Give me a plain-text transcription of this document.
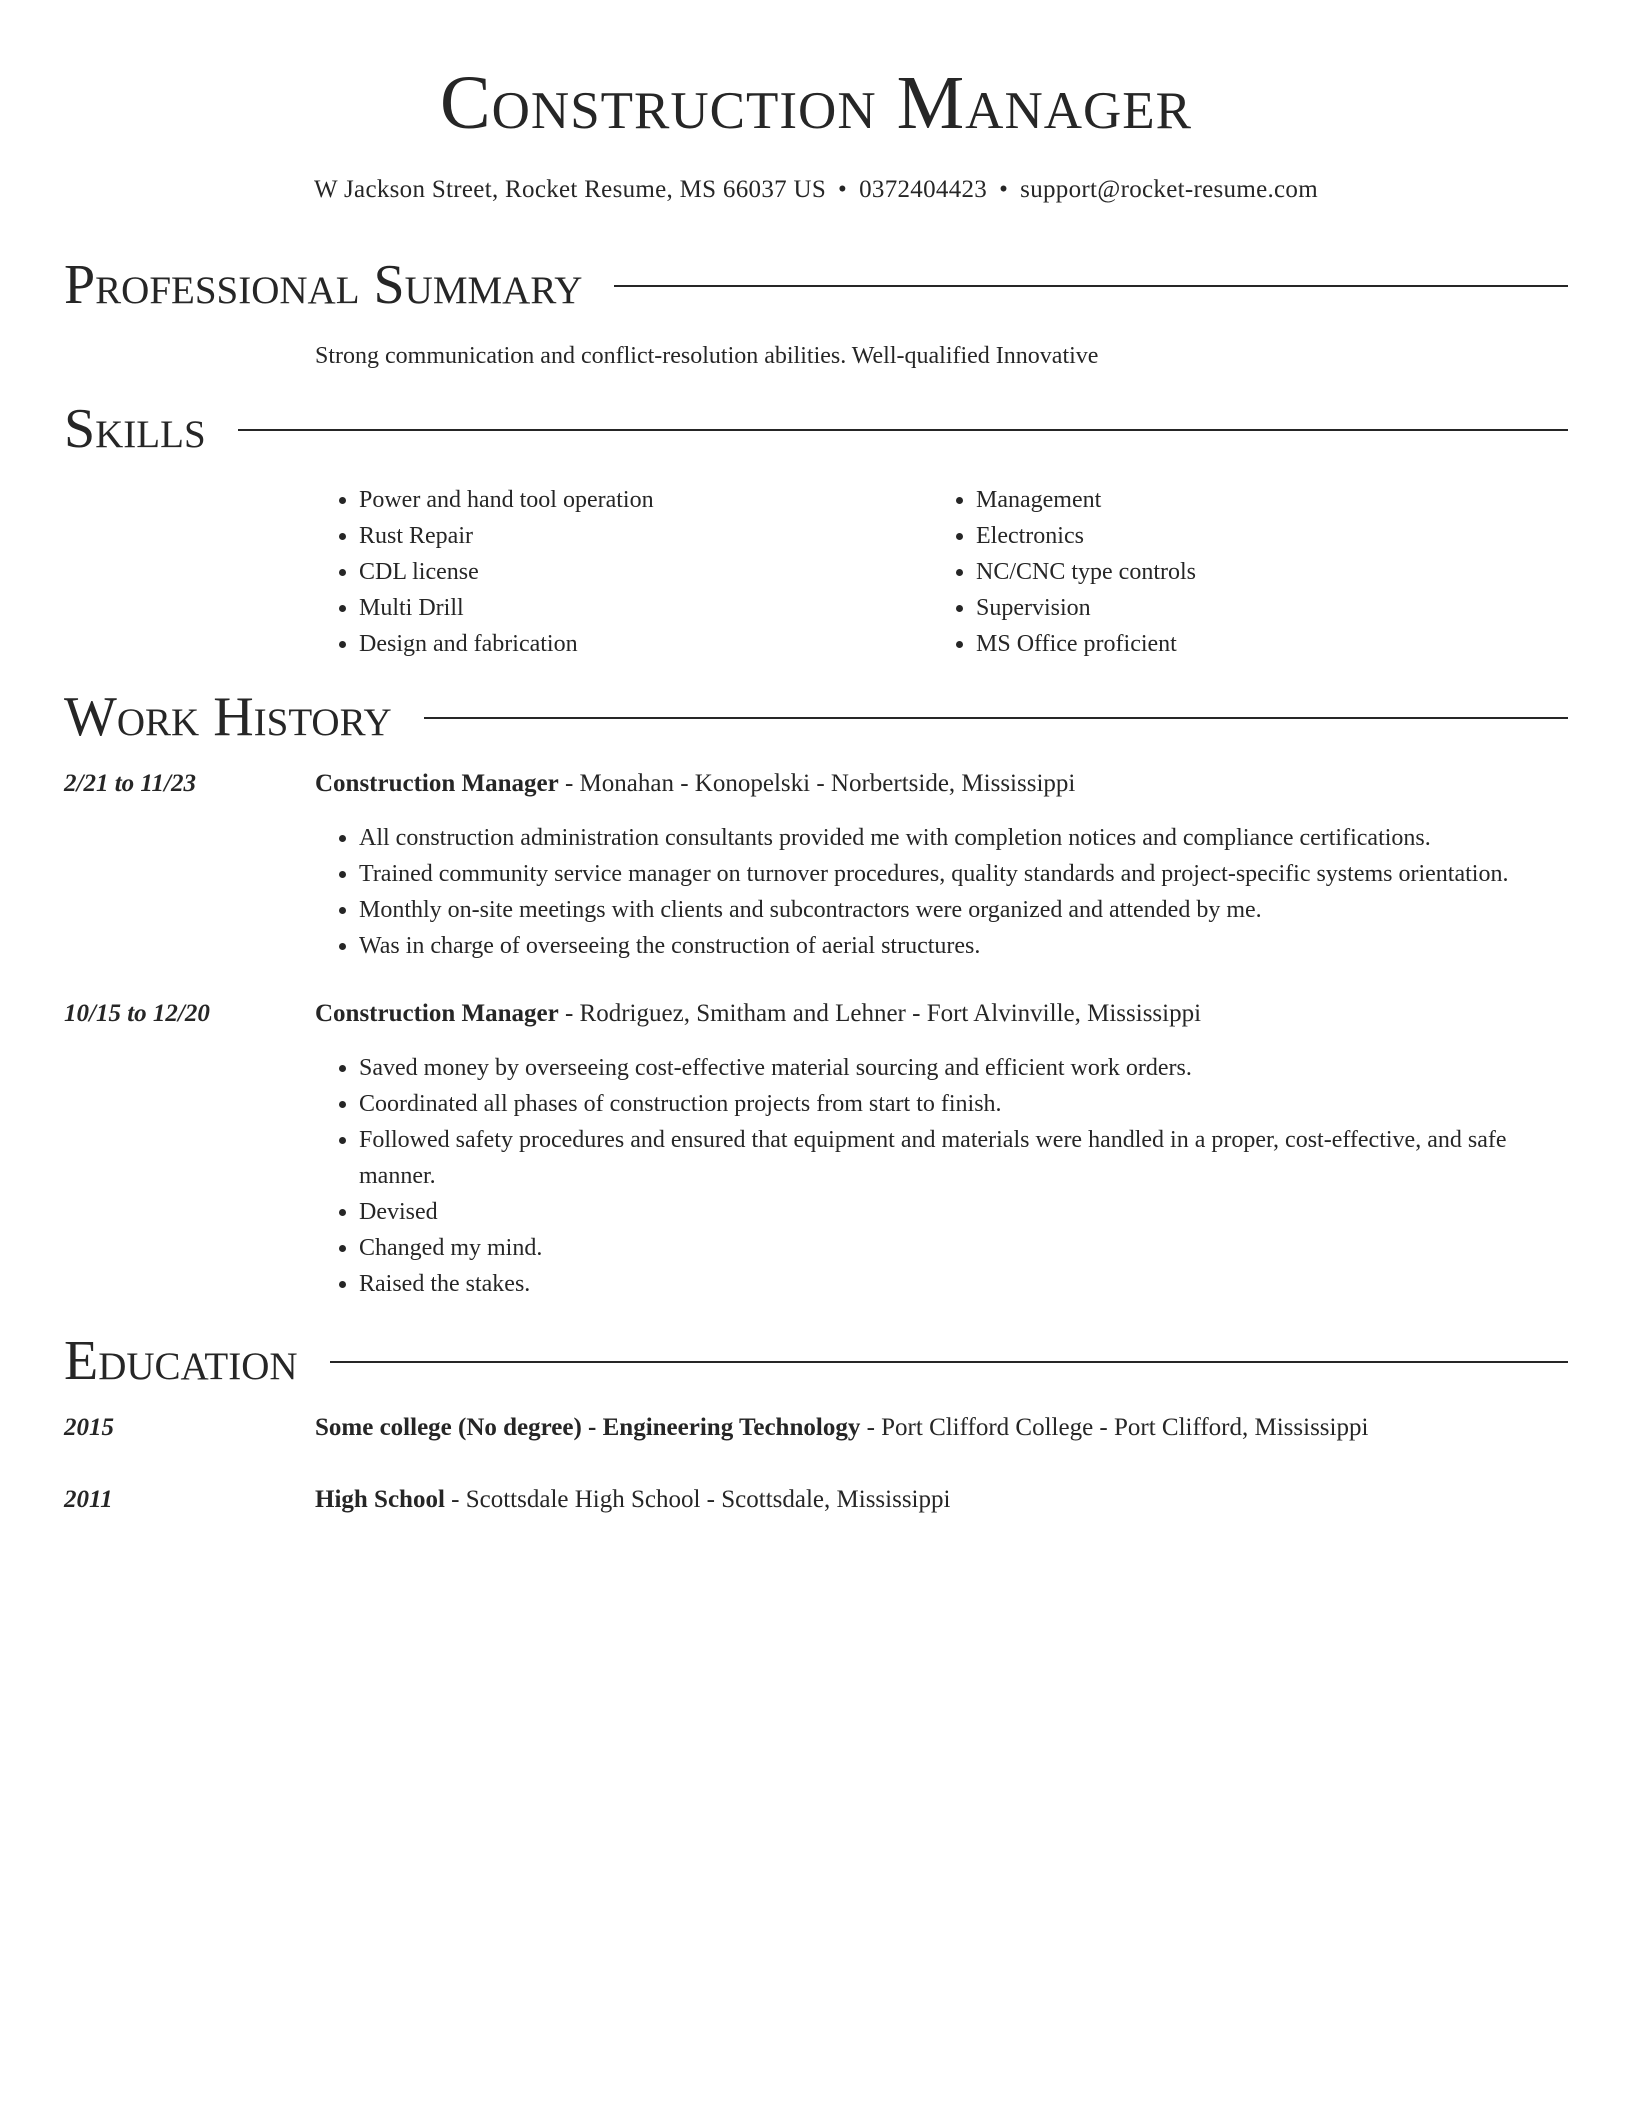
Construction Manager
W Jackson Street, Rocket Resume, MS 66037 US • 0372404423 • support@rocket-resume.com
Professional Summary
Strong communication and conflict-resolution abilities. Well-qualified Innovative
Skills
• Power and hand tool operation
• Rust Repair
• CDL license
• Multi Drill
• Design and fabrication
• Management
• Electronics
• NC/CNC type controls
• Supervision
• MS Office proficient
Work History
2/21 to 11/23	Construction Manager - Monahan - Konopelski - Norbertside, Mississippi
• All construction administration consultants provided me with completion notices and compliance certifications.
• Trained community service manager on turnover procedures, quality standards and project-specific systems orientation.
• Monthly on-site meetings with clients and subcontractors were organized and attended by me.
• Was in charge of overseeing the construction of aerial structures.
10/15 to 12/20	Construction Manager - Rodriguez, Smitham and Lehner - Fort Alvinville, Mississippi
• Saved money by overseeing cost-effective material sourcing and efficient work orders.
• Coordinated all phases of construction projects from start to finish.
• Followed safety procedures and ensured that equipment and materials were handled in a proper, cost-effective, and safe manner.
• Devised
• Changed my mind.
• Raised the stakes.
Education
2015	Some college (No degree) - Engineering Technology - Port Clifford College - Port Clifford, Mississippi
2011	High School - Scottsdale High School - Scottsdale, Mississippi
